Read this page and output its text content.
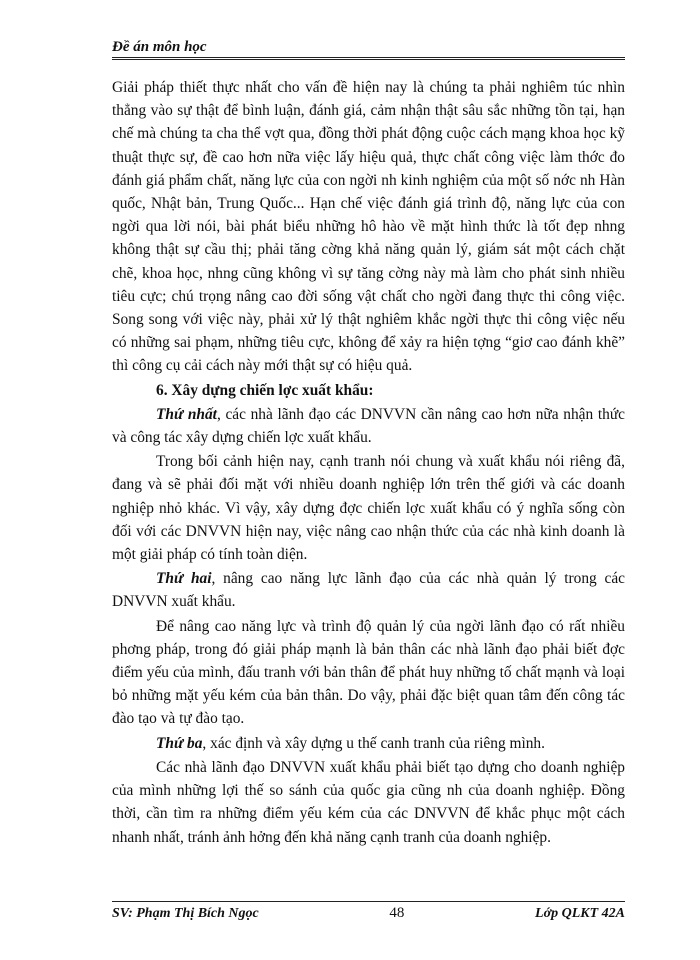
Đề án môn học

Giải pháp thiết thực nhất cho vấn đề hiện nay là chúng ta phải nghiêm túc nhìn thẳng vào sự thật để bình luận, đánh giá, cảm nhận thật sâu sắc những tồn tại, hạn chế mà chúng ta cha thể vợt qua, đồng thời phát động cuộc cách mạng khoa học kỹ thuật thực sự, đề cao hơn nữa việc lấy hiệu quả, thực chất công việc làm thớc đo đánh giá phẩm chất, năng lực của con ngời nh kinh nghiệm của một số nớc nh Hàn quốc, Nhật bản, Trung Quốc... Hạn chế việc đánh giá trình độ, năng lực của con ngời qua lời nói, bài phát biểu những hô hào về mặt hình thức là tốt đẹp nhng không thật sự cầu thị; phải tăng cờng khả năng quản lý, giám sát một cách chặt chẽ, khoa học, nhng cũng không vì sự tăng cờng này mà làm cho phát sinh nhiều tiêu cực; chú trọng nâng cao đời sống vật chất cho ngời đang thực thi công việc. Song song với việc này, phải xử lý thật nghiêm khắc ngời thực thi công việc nếu có những sai phạm, những tiêu cực, không để xảy ra hiện tợng “giơ cao đánh khẽ” thì công cụ cải cách này mới thật sự có hiệu quả.

6. Xây dựng chiến lợc xuất khẩu:

Thứ nhất, các nhà lãnh đạo các DNVVN cần nâng cao hơn nữa nhận thức và công tác xây dựng chiến lợc xuất khẩu.

Trong bối cảnh hiện nay, cạnh tranh nói chung và xuất khẩu nói riêng đã, đang và sẽ phải đối mặt với nhiều doanh nghiệp lớn trên thế giới và các doanh nghiệp nhỏ khác. Vì vậy, xây dựng đợc chiến lợc xuất khẩu có ý nghĩa sống còn đối với các DNVVN hiện nay, việc nâng cao nhận thức của các nhà kinh doanh là một giải pháp có tính toàn diện.

Thứ hai, nâng cao năng lực lãnh đạo của các nhà quản lý trong các DNVVN xuất khẩu.

Để nâng cao năng lực và trình độ quản lý của ngời lãnh đạo có rất nhiều phơng pháp, trong đó giải pháp mạnh là bản thân các nhà lãnh đạo phải biết đợc điểm yếu của mình, đấu tranh với bản thân để phát huy những tố chất mạnh và loại bỏ những mặt yếu kém của bản thân. Do vậy, phải đặc biệt quan tâm đến công tác đào tạo và tự đào tạo.

Thứ ba, xác định và xây dựng u thế canh tranh của riêng mình.

Các nhà lãnh đạo DNVVN xuất khẩu phải biết tạo dựng cho doanh nghiệp của mình những lợi thế so sánh của quốc gia cũng nh của doanh nghiệp. Đồng thời, cần tìm ra những điểm yếu kém của các DNVVN để khắc phục một cách nhanh nhất, tránh ảnh hởng đến khả năng cạnh tranh của doanh nghiệp.

SV: Phạm Thị Bích Ngọc	48	Lớp QLKT 42A
